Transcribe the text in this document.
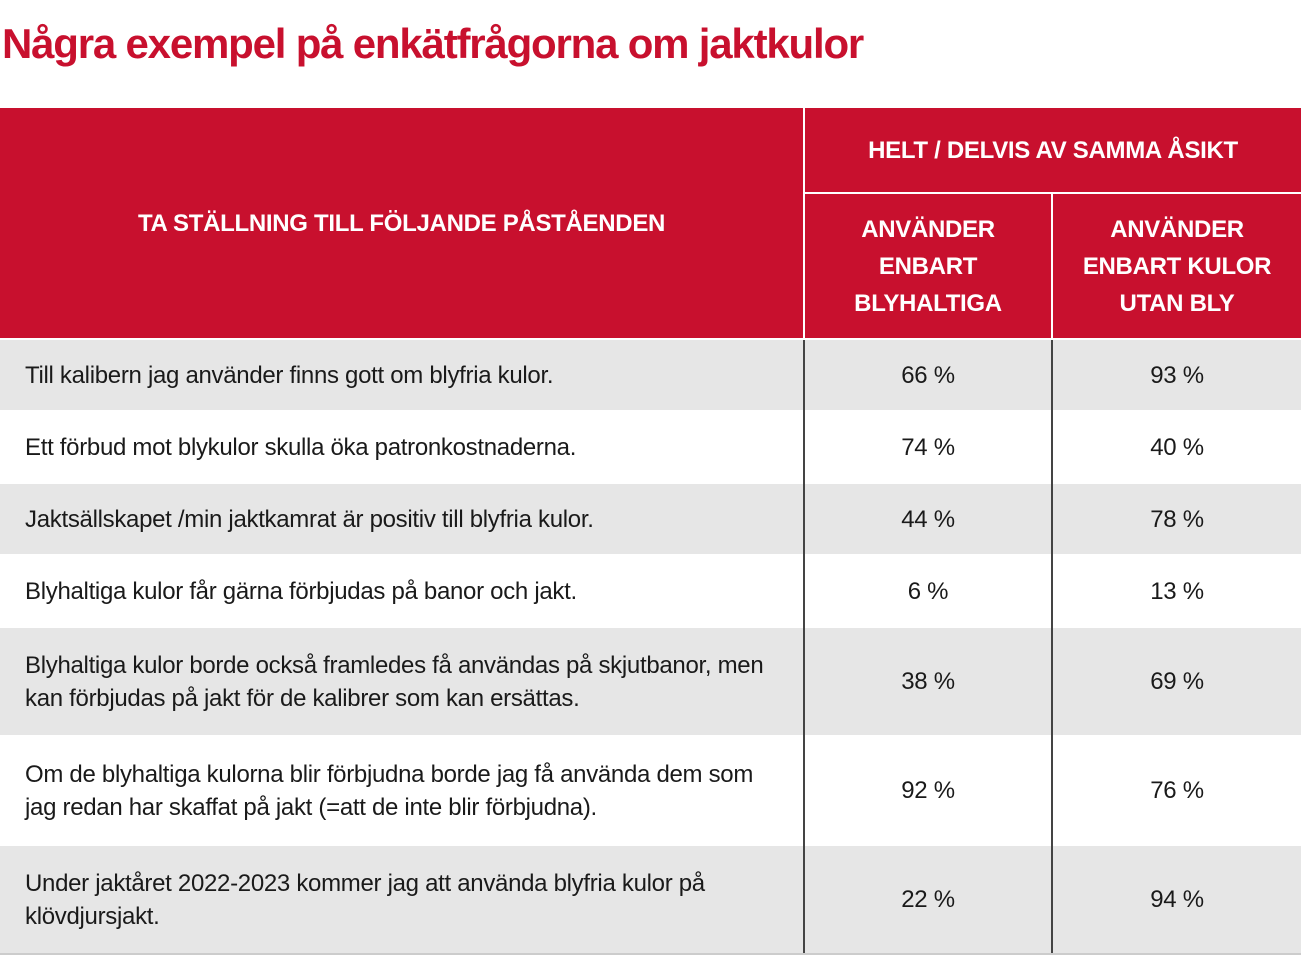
Några exempel på enkätfrågorna om jaktkulor
TA STÄLLNING TILL FÖLJANDE PÅSTÅENDEN	HELT / DELVIS AV SAMMA ÅSIKT	
	ANVÄNDER ENBART BLYHALTIGA	ANVÄNDER ENBART KULOR UTAN BLY
Till kalibern jag använder finns gott om blyfria kulor.	66 %	93 %
Ett förbud mot blykulor skulla öka patronkostnaderna.	74 %	40 %
Jaktsällskapet /min jaktkamrat är positiv till blyfria kulor.	44 %	78 %
Blyhaltiga kulor får gärna förbjudas på banor och jakt.	6 %	13 %
Blyhaltiga kulor borde också framledes få användas på skjutbanor, men kan förbjudas på jakt för de kalibrer som kan ersättas.	38 %	69 %
Om de blyhaltiga kulorna blir förbjudna borde jag få använda dem som jag redan har skaffat på jakt (=att de inte blir förbjudna).	92 %	76 %
Under jaktåret 2022-2023 kommer jag att använda blyfria kulor på klövdjursjakt.	22 %	94 %
